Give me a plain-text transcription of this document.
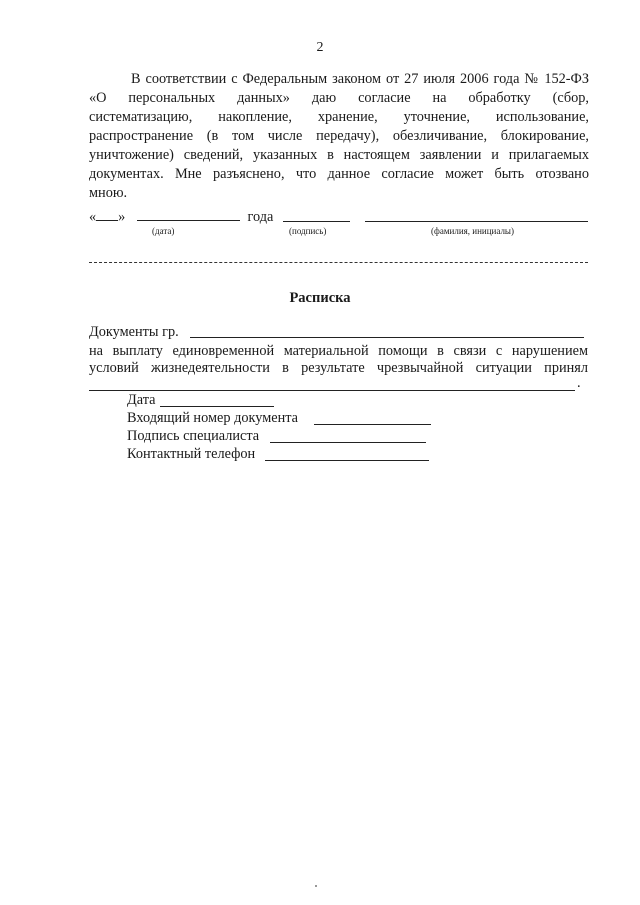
2
В соответствии с Федеральным законом от 27 июля 2006 года № 152-ФЗ
«О персональных данных» даю согласие на обработку (сбор,
систематизацию, накопление, хранение, уточнение, использование,
распространение (в том числе передачу), обезличивание, блокирование,
уничтожение) сведений, указанных в настоящем заявлении и прилагаемых
документах. Мне разъяснено, что данное согласие может быть отозвано
мною.
« »	года
(дата)	(подпись)	(фамилия, инициалы)
Расписка
Документы гр.
на выплату единовременной материальной помощи в связи с нарушением
условий жизнедеятельности в результате чрезвычайной ситуации принял
.
Дата
Входящий номер документа
Подпись специалиста
Контактный телефон
